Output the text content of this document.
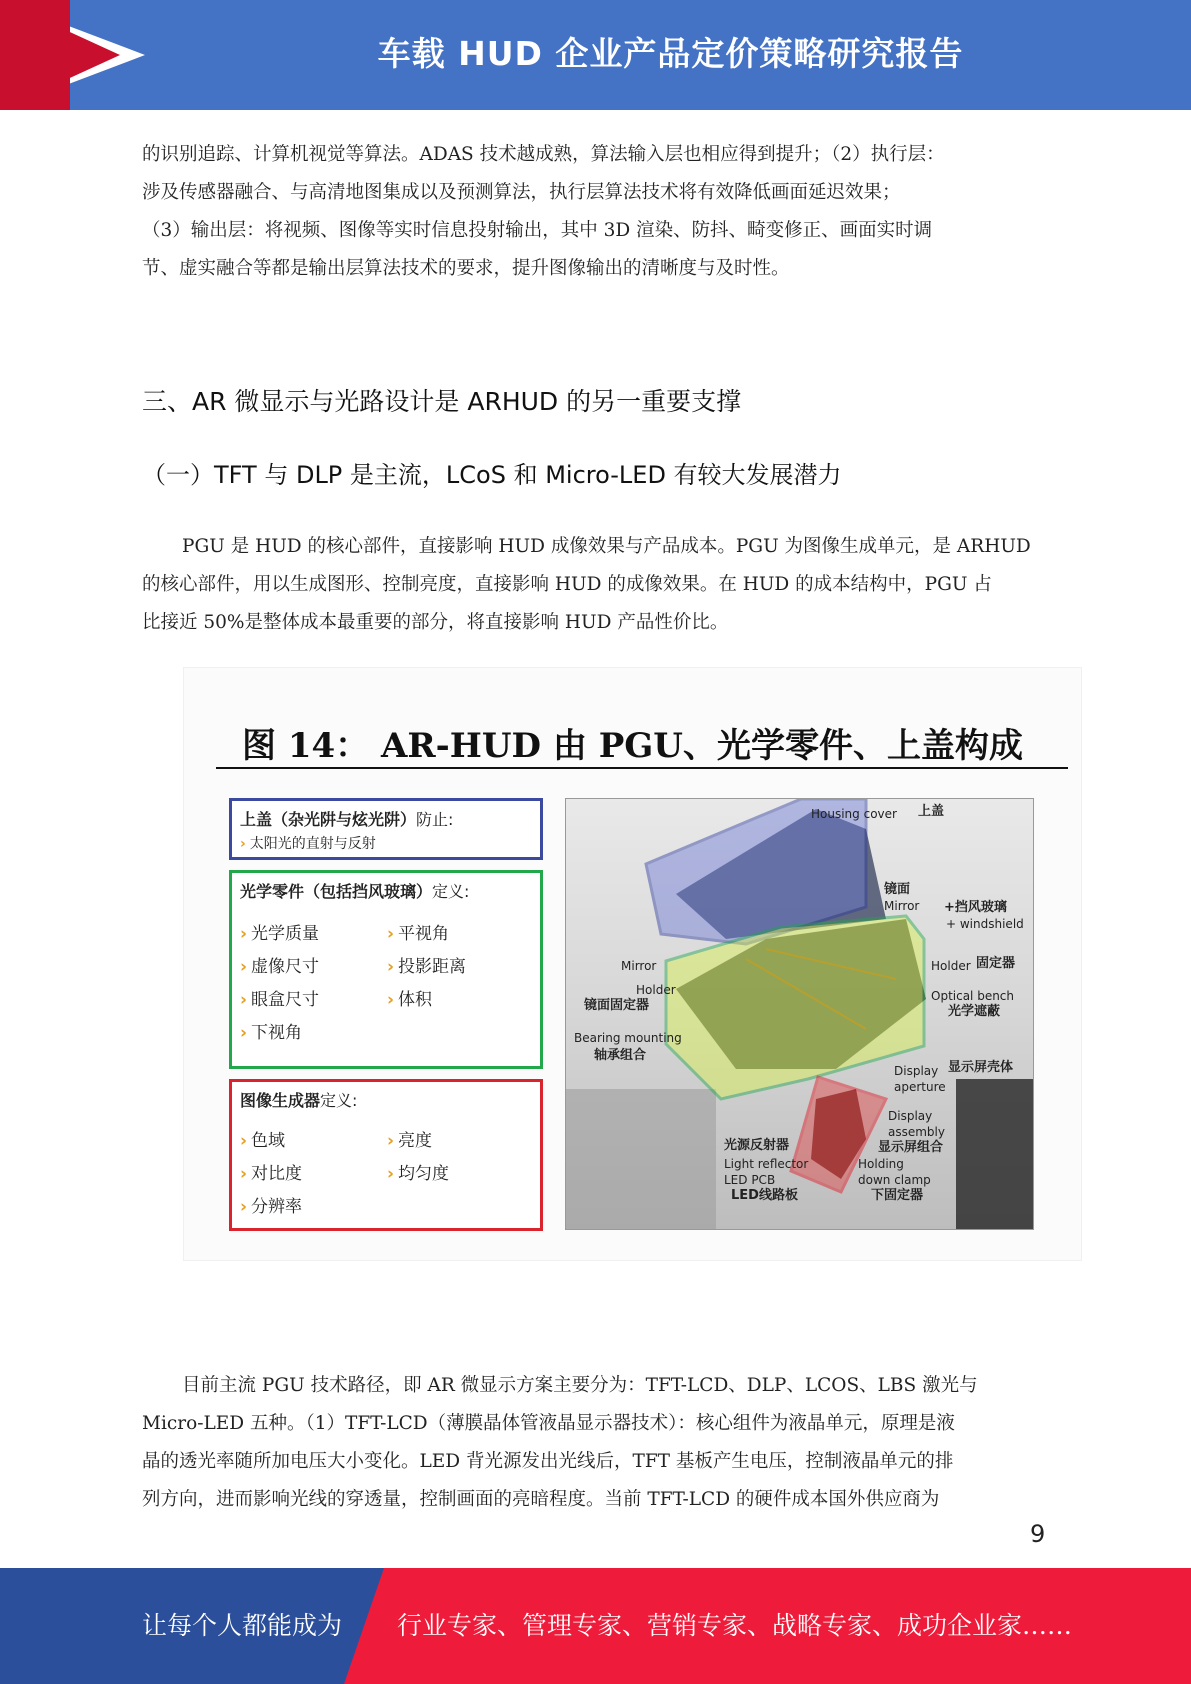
车载 HUD 企业产品定价策略研究报告
的识别追踪、计算机视觉等算法。ADAS 技术越成熟，算法输入层也相应得到提升；（2）执行层：
涉及传感器融合、与高清地图集成以及预测算法，执行层算法技术将有效降低画面延迟效果；
（3）输出层：将视频、图像等实时信息投射输出，其中 3D 渲染、防抖、畸变修正、画面实时调
节、虚实融合等都是输出层算法技术的要求，提升图像输出的清晰度与及时性。
三、AR 微显示与光路设计是 ARHUD 的另一重要支撑
（一）TFT 与 DLP 是主流，LCoS 和 Micro-LED 有较大发展潜力
PGU 是 HUD 的核心部件，直接影响 HUD 成像效果与产品成本。PGU 为图像生成单元，是 ARHUD
的核心部件，用以生成图形、控制亮度，直接影响 HUD 的成像效果。在 HUD 的成本结构中，PGU 占
比接近 50%是整体成本最重要的部分，将直接影响 HUD 产品性价比。
图 14： AR-HUD 由 PGU、光学零件、上盖构成
上盖（杂光阱与炫光阱）防止:
› 太阳光的直射与反射
光学零件（包括挡风玻璃）定义:
› 光学质量	› 平视角
› 虚像尺寸	› 投影距离
› 眼盒尺寸	› 体积
› 下视角
图像生成器定义:
› 色域	› 亮度
› 对比度	› 均匀度
› 分辨率
Housing cover 上盖
镜面
Mirror +挡风玻璃
+ windshield
Mirror
Holder
镜面固定器
Holder 固定器
Optical bench
光学遮蔽
Bearing mounting
轴承组合
Display
aperture
显示屏壳体
Display
assembly
显示屏组合
光源反射器
Light reflector
LED PCB
LED线路板
Holding
down clamp
下固定器
目前主流 PGU 技术路径，即 AR 微显示方案主要分为：TFT-LCD、DLP、LCOS、LBS 激光与
Micro-LED 五种。（1）TFT-LCD（薄膜晶体管液晶显示器技术）：核心组件为液晶单元，原理是液
晶的透光率随所加电压大小变化。LED 背光源发出光线后，TFT 基板产生电压，控制液晶单元的排
列方向，进而影响光线的穿透量，控制画面的亮暗程度。当前 TFT-LCD 的硬件成本国外供应商为
9
让每个人都能成为 行业专家、管理专家、营销专家、战略专家、成功企业家……
